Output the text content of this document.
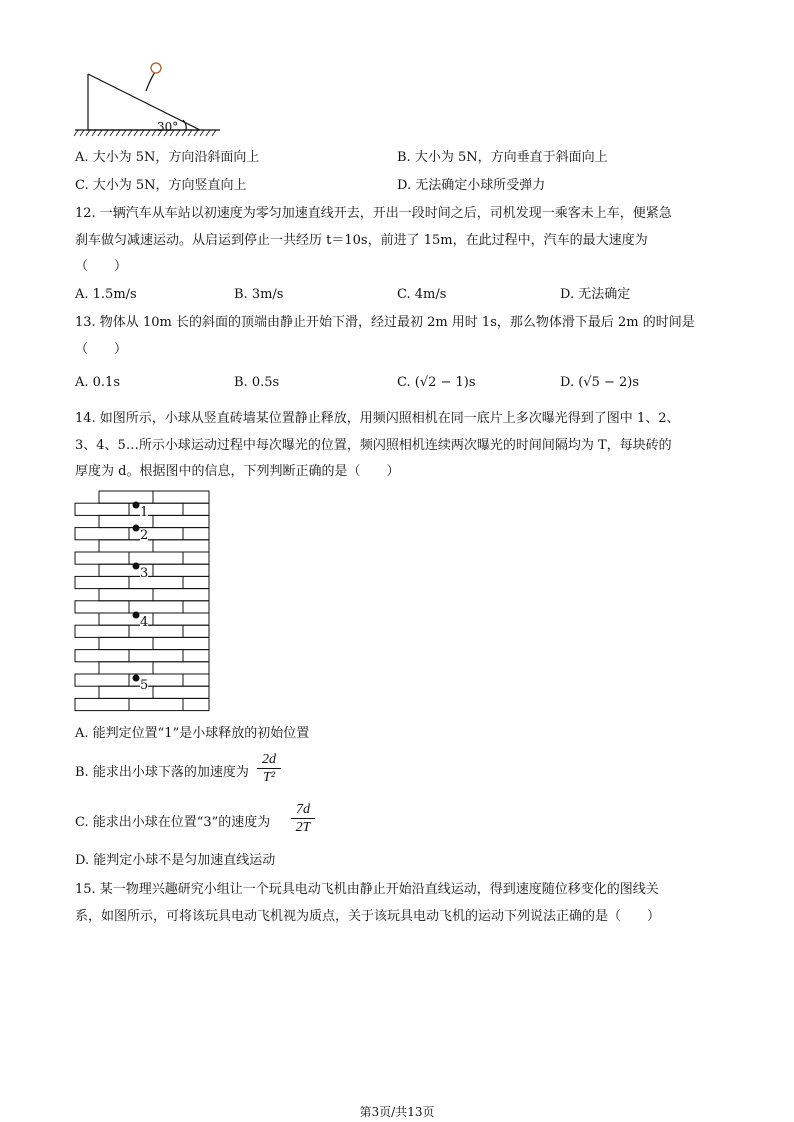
30°
A. 大小为 5N，方向沿斜面向上	B. 大小为 5N，方向垂直于斜面向上
C. 大小为 5N，方向竖直向上	D. 无法确定小球所受弹力
12. 一辆汽车从车站以初速度为零匀加速直线开去，开出一段时间之后，司机发现一乘客未上车，便紧急
刹车做匀减速运动。从启运到停止一共经历 t＝10s，前进了 15m，在此过程中，汽车的最大速度为
（　　）
A. 1.5m/s	B. 3m/s	C. 4m/s	D. 无法确定
13. 物体从 10m 长的斜面的顶端由静止开始下滑，经过最初 2m 用时 1s，那么物体滑下最后 2m 的时间是
（　　）
A. 0.1s	B. 0.5s	C. (√2 − 1)s	D. (√5 − 2)s
14. 如图所示，小球从竖直砖墙某位置静止释放，用频闪照相机在同一底片上多次曝光得到了图中 1、2、
3、4、5…所示小球运动过程中每次曝光的位置，频闪照相机连续两次曝光的时间间隔均为 T，每块砖的
厚度为 d。根据图中的信息，下列判断正确的是（　　）
1
2
3
4
5
A. 能判定位置“1”是小球释放的初始位置
B. 能求出小球下落的加速度为
2d
T²
C. 能求出小球在位置“3”的速度为
7d
2T
D. 能判定小球不是匀加速直线运动
15. 某一物理兴趣研究小组让一个玩具电动飞机由静止开始沿直线运动，得到速度随位移变化的图线关
系，如图所示，可将该玩具电动飞机视为质点，关于该玩具电动飞机的运动下列说法正确的是（　　）
第3页/共13页
